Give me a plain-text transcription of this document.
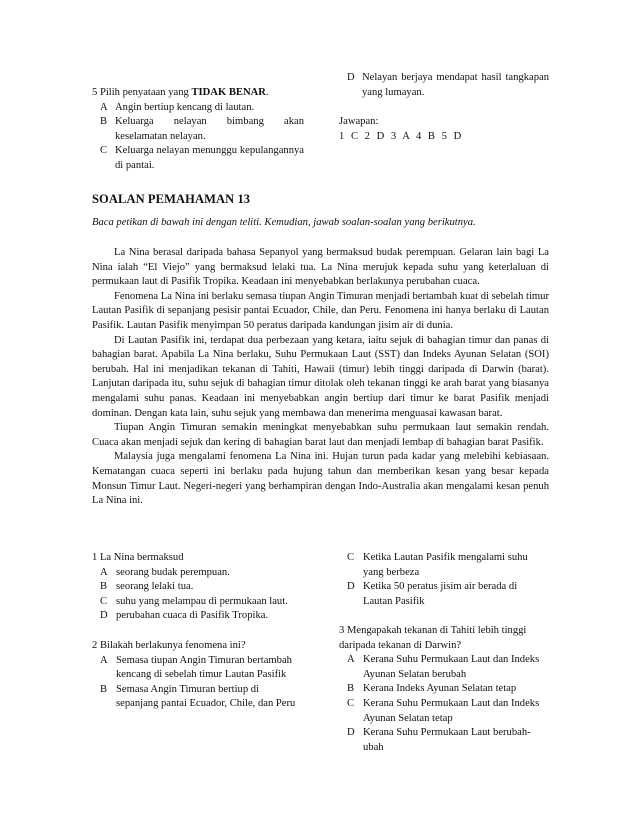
5 Pilih penyataan yang TIDAK BENAR.
A Angin bertiup kencang di lautan.
B Keluarga nelayan bimbang akan keselamatan nelayan.
C Keluarga nelayan menunggu kepulangannya di pantai.
D Nelayan berjaya mendapat hasil tangkapan yang lumayan.
Jawapan:
1 C 2 D 3 A 4 B 5 D
SOALAN PEMAHAMAN 13
Baca petikan di bawah ini dengan teliti. Kemudian, jawab soalan-soalan yang berikutnya.

La Nina berasal daripada bahasa Sepanyol yang bermaksud budak perempuan. Gelaran lain bagi La Nina ialah “El Viejo” yang bermaksud lelaki tua. La Nina merujuk kepada suhu yang keterlaluan di permukaan laut di Pasifik Tropika. Keadaan ini menyebabkan berlakunya perubahan cuaca.

Fenomena La Nina ini berlaku semasa tiupan Angin Timuran menjadi bertambah kuat di sebelah timur Lautan Pasifik di sepanjang pesisir pantai Ecuador, Chile, dan Peru. Fenomena ini hanya berlaku di Lautan Pasifik. Lautan Pasifik menyimpan 50 peratus daripada kandungan jisim air di dunia.

Di Lautan Pasifik ini, terdapat dua perbezaan yang ketara, iaitu sejuk di bahagian timur dan panas di bahagian barat. Apabila La Nina berlaku, Suhu Permukaan Laut (SST) dan Indeks Ayunan Selatan (SOI) berubah. Hal ini menjadikan tekanan di Tahiti, Hawaii (timur) lebih tinggi daripada di Darwin (barat). Lanjutan daripada itu, suhu sejuk di bahagian timur ditolak oleh tekanan tinggi ke arah barat yang biasanya mengalami suhu panas. Keadaan ini menyebabkan angin bertiup dari timur ke barat Pasifik menjadi dominan. Dengan kata lain, suhu sejuk yang membawa dan menerima menguasai kawasan barat.

Tiupan Angin Timuran semakin meningkat menyebabkan suhu permukaan laut semakin rendah. Cuaca akan menjadi sejuk dan kering di bahagian barat laut dan menjadi lembap di bahagian barat Pasifik.

Malaysia juga mengalami fenomena La Nina ini. Hujan turun pada kadar yang melebihi kebiasaan. Kematangan cuaca seperti ini berlaku pada hujung tahun dan memberikan kesan yang besar kepada Monsun Timur Laut. Negeri-negeri yang berhampiran dengan Indo-Australia akan mengalami kesan penuh La Nina ini.

1 La Nina bermaksud
A seorang budak perempuan.
B seorang lelaki tua.
C suhu yang melampau di permukaan laut.
D perubahan cuaca di Pasifik Tropika.
2 Bilakah berlakunya fenomena ini?
A Semasa tiupan Angin Timuran bertambah kencang di sebelah timur Lautan Pasifik
B Semasa Angin Timuran bertiup di sepanjang pantai Ecuador, Chile, dan Peru
C Ketika Lautan Pasifik mengalami suhu yang berbeza
D Ketika 50 peratus jisim air berada di Lautan Pasifik
3 Mengapakah tekanan di Tahiti lebih tinggi daripada tekanan di Darwin?
A Kerana Suhu Permukaan Laut dan Indeks Ayunan Selatan berubah
B Kerana Indeks Ayunan Selatan tetap
C Kerana Suhu Permukaan Laut dan Indeks Ayunan Selatan tetap
D Kerana Suhu Permukaan Laut berubah-ubah
